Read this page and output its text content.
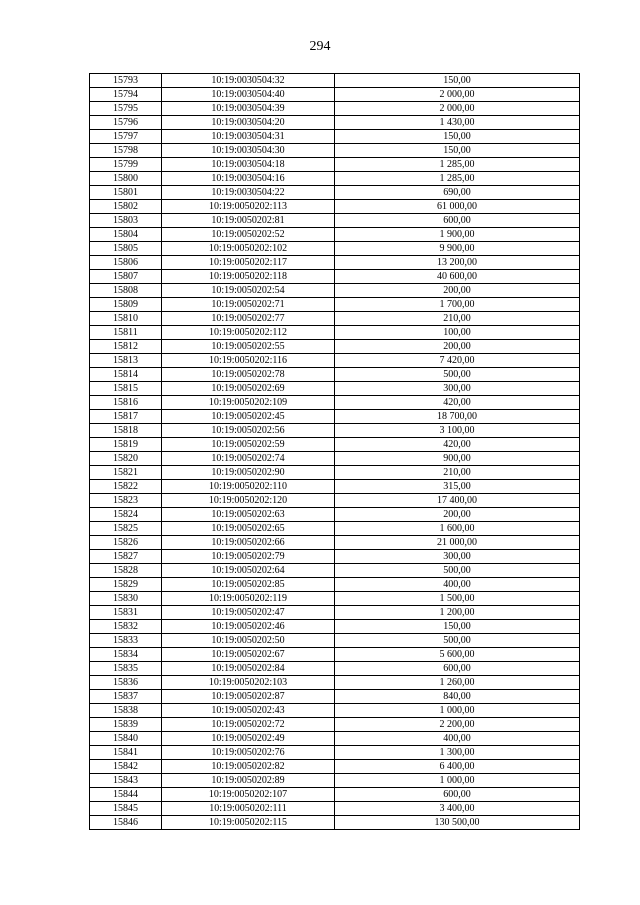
294
15793	10:19:0030504:32	150,00
15794	10:19:0030504:40	2 000,00
15795	10:19:0030504:39	2 000,00
15796	10:19:0030504:20	1 430,00
15797	10:19:0030504:31	150,00
15798	10:19:0030504:30	150,00
15799	10:19:0030504:18	1 285,00
15800	10:19:0030504:16	1 285,00
15801	10:19:0030504:22	690,00
15802	10:19:0050202:113	61 000,00
15803	10:19:0050202:81	600,00
15804	10:19:0050202:52	1 900,00
15805	10:19:0050202:102	9 900,00
15806	10:19:0050202:117	13 200,00
15807	10:19:0050202:118	40 600,00
15808	10:19:0050202:54	200,00
15809	10:19:0050202:71	1 700,00
15810	10:19:0050202:77	210,00
15811	10:19:0050202:112	100,00
15812	10:19:0050202:55	200,00
15813	10:19:0050202:116	7 420,00
15814	10:19:0050202:78	500,00
15815	10:19:0050202:69	300,00
15816	10:19:0050202:109	420,00
15817	10:19:0050202:45	18 700,00
15818	10:19:0050202:56	3 100,00
15819	10:19:0050202:59	420,00
15820	10:19:0050202:74	900,00
15821	10:19:0050202:90	210,00
15822	10:19:0050202:110	315,00
15823	10:19:0050202:120	17 400,00
15824	10:19:0050202:63	200,00
15825	10:19:0050202:65	1 600,00
15826	10:19:0050202:66	21 000,00
15827	10:19:0050202:79	300,00
15828	10:19:0050202:64	500,00
15829	10:19:0050202:85	400,00
15830	10:19:0050202:119	1 500,00
15831	10:19:0050202:47	1 200,00
15832	10:19:0050202:46	150,00
15833	10:19:0050202:50	500,00
15834	10:19:0050202:67	5 600,00
15835	10:19:0050202:84	600,00
15836	10:19:0050202:103	1 260,00
15837	10:19:0050202:87	840,00
15838	10:19:0050202:43	1 000,00
15839	10:19:0050202:72	2 200,00
15840	10:19:0050202:49	400,00
15841	10:19:0050202:76	1 300,00
15842	10:19:0050202:82	6 400,00
15843	10:19:0050202:89	1 000,00
15844	10:19:0050202:107	600,00
15845	10:19:0050202:111	3 400,00
15846	10:19:0050202:115	130 500,00
